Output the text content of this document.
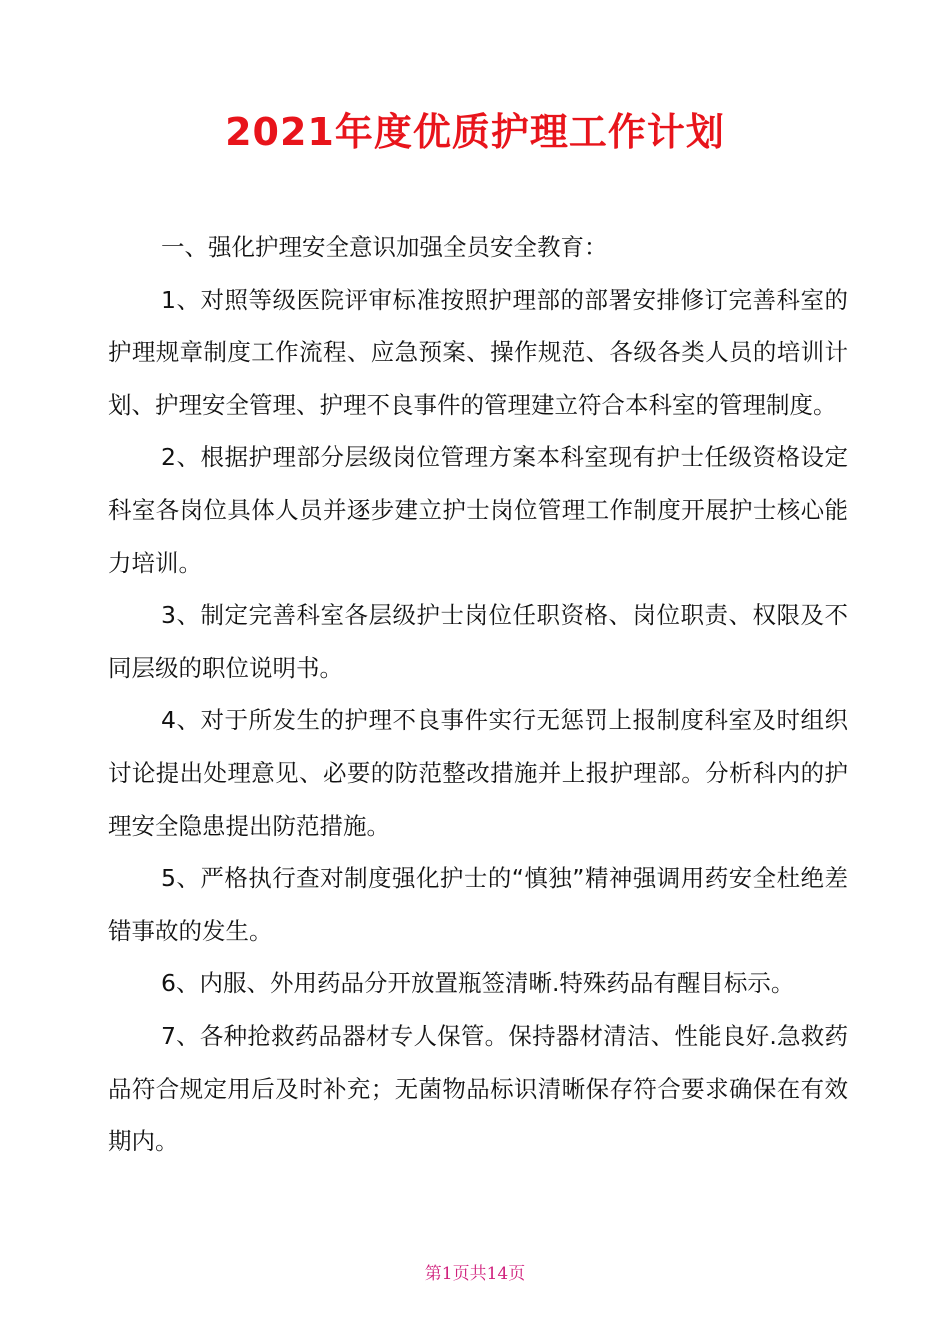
2021年度优质护理工作计划

一、强化护理安全意识加强全员安全教育：

1、对照等级医院评审标准按照护理部的部署安排修订完善科室的护理规章制度工作流程、应急预案、操作规范、各级各类人员的培训计划、护理安全管理、护理不良事件的管理建立符合本科室的管理制度。

2、根据护理部分层级岗位管理方案本科室现有护士任级资格设定科室各岗位具体人员并逐步建立护士岗位管理工作制度开展护士核心能力培训。

3、制定完善科室各层级护士岗位任职资格、岗位职责、权限及不同层级的职位说明书。

4、对于所发生的护理不良事件实行无惩罚上报制度科室及时组织讨论提出处理意见、必要的防范整改措施并上报护理部。分析科内的护理安全隐患提出防范措施。

5、严格执行查对制度强化护士的“慎独”精神强调用药安全杜绝差错事故的发生。

6、内服、外用药品分开放置瓶签清晰.特殊药品有醒目标示。

7、各种抢救药品器材专人保管。保持器材清洁、性能良好.急救药品符合规定用后及时补充；无菌物品标识清晰保存符合要求确保在有效期内。

第1页共14页
